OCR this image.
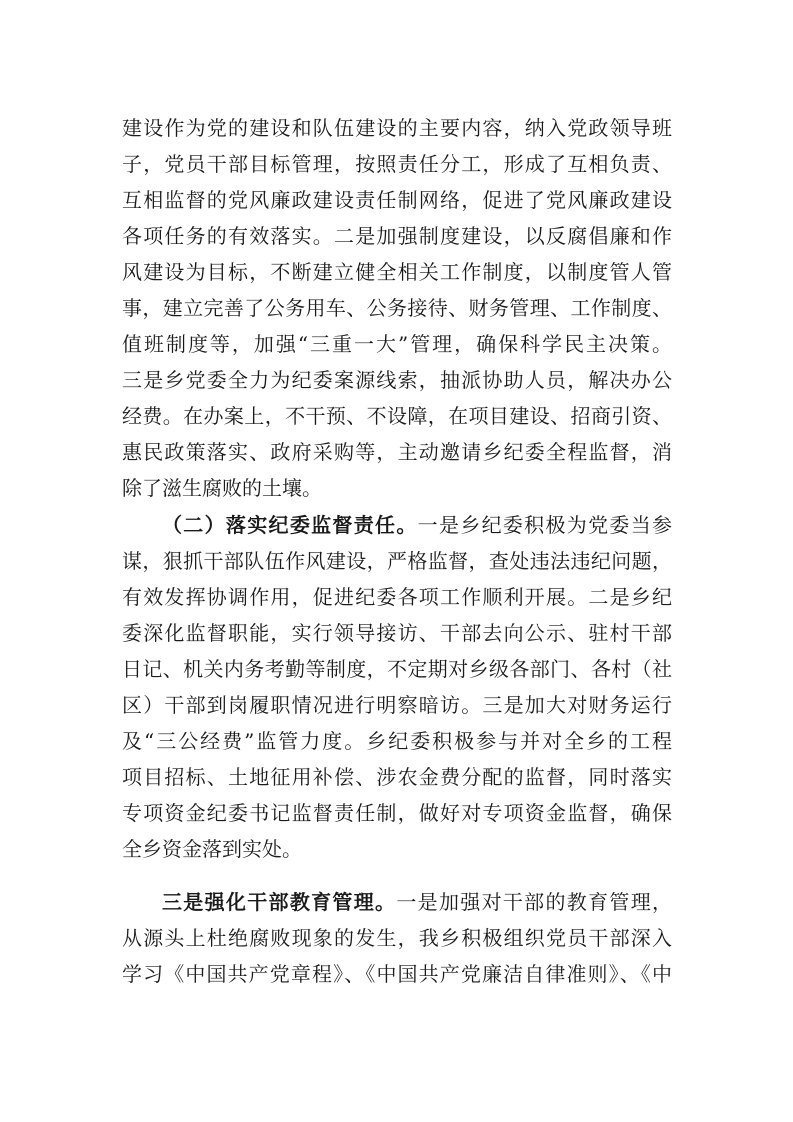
建设作为党的建设和队伍建设的主要内容，纳入党政领导班
子，党员干部目标管理，按照责任分工，形成了互相负责、
互相监督的党风廉政建设责任制网络，促进了党风廉政建设
各项任务的有效落实。二是加强制度建设，以反腐倡廉和作
风建设为目标，不断建立健全相关工作制度，以制度管人管
事，建立完善了公务用车、公务接待、财务管理、工作制度、
值班制度等，加强“三重一大”管理，确保科学民主决策。
三是乡党委全力为纪委案源线索，抽派协助人员，解决办公
经费。在办案上，不干预、不设障，在项目建设、招商引资、
惠民政策落实、政府采购等，主动邀请乡纪委全程监督，消
除了滋生腐败的土壤。
（二）落实纪委监督责任。一是乡纪委积极为党委当参
谋，狠抓干部队伍作风建设，严格监督，查处违法违纪问题，
有效发挥协调作用，促进纪委各项工作顺利开展。二是乡纪
委深化监督职能，实行领导接访、干部去向公示、驻村干部
日记、机关内务考勤等制度，不定期对乡级各部门、各村（社
区）干部到岗履职情况进行明察暗访。三是加大对财务运行
及“三公经费”监管力度。乡纪委积极参与并对全乡的工程
项目招标、土地征用补偿、涉农金费分配的监督，同时落实
专项资金纪委书记监督责任制，做好对专项资金监督，确保
全乡资金落到实处。
三是强化干部教育管理。一是加强对干部的教育管理，
从源头上杜绝腐败现象的发生，我乡积极组织党员干部深入
学习《中国共产党章程》、《中国共产党廉洁自律准则》、《中
